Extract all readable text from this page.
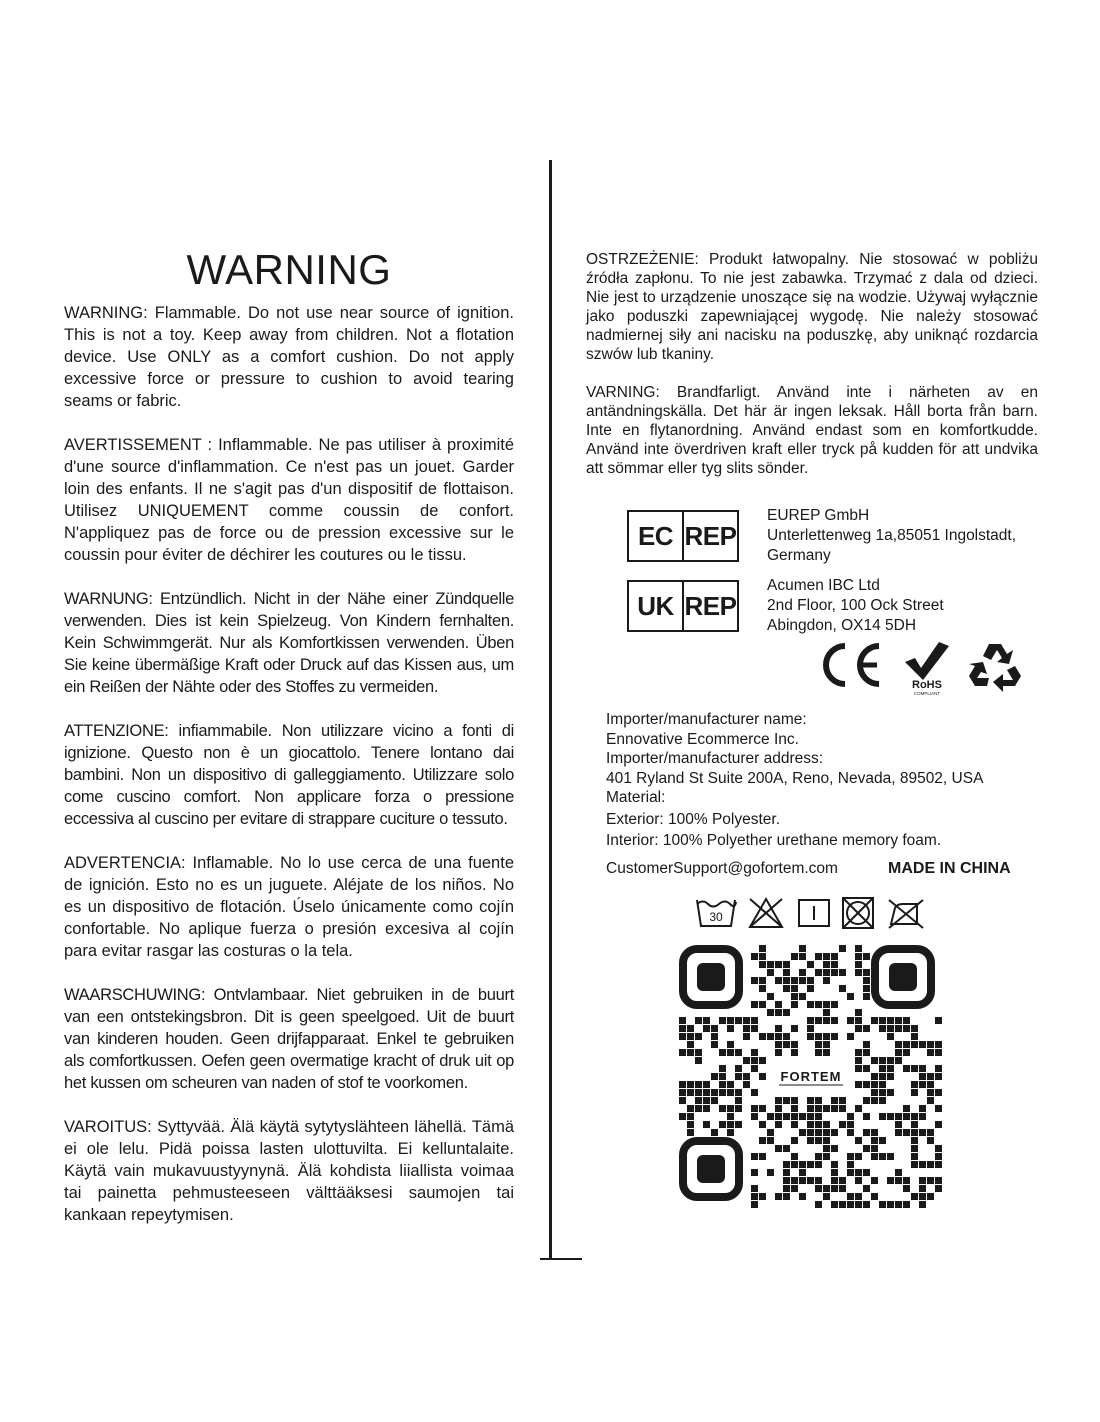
WARNING

WARNING: Flammable. Do not use near source of ignition. This is not a toy. Keep away from children. Not a flotation device. Use ONLY as a comfort cushion. Do not apply excessive force or pressure to cushion to avoid tearing seams or fabric.

AVERTISSEMENT : Inflammable. Ne pas utiliser à proximité d'une source d'inflammation. Ce n'est pas un jouet. Garder loin des enfants. Il ne s'agit pas d'un dispositif de flottaison. Utilisez UNIQUEMENT comme coussin de confort. N'appliquez pas de force ou de pression excessive sur le coussin pour éviter de déchirer les coutures ou le tissu.

WARNUNG: Entzündlich. Nicht in der Nähe einer Zündquelle verwenden. Dies ist kein Spielzeug. Von Kindern fernhalten. Kein Schwimmgerät. Nur als Komfortkissen verwenden. Üben Sie keine übermäßige Kraft oder Druck auf das Kissen aus, um ein Reißen der Nähte oder des Stoffes zu vermeiden.

ATTENZIONE: infiammabile. Non utilizzare vicino a fonti di ignizione. Questo non è un giocattolo. Tenere lontano dai bambini. Non un dispositivo di galleggiamento. Utilizzare solo come cuscino comfort. Non applicare forza o pressione eccessiva al cuscino per evitare di strappare cuciture o tessuto.

ADVERTENCIA: Inflamable. No lo use cerca de una fuente de ignición. Esto no es un juguete. Aléjate de los niños. No es un dispositivo de flotación. Úselo únicamente como cojín confortable. No aplique fuerza o presión excesiva al cojín para evitar rasgar las costuras o la tela.

WAARSCHUWING: Ontvlambaar. Niet gebruiken in de buurt van een ontstekingsbron. Dit is geen speelgoed. Uit de buurt van kinderen houden. Geen drijfapparaat. Enkel te gebruiken als comfortkussen. Oefen geen overmatige kracht of druk uit op het kussen om scheuren van naden of stof te voorkomen.

VAROITUS: Syttyvää. Älä käytä sytytyslähteen lähellä. Tämä ei ole lelu. Pidä poissa lasten ulottuvilta. Ei kelluntalaite. Käytä vain mukavuustyynynä. Älä kohdista liiallista voimaa tai painetta pehmusteeseen välttääksesi saumojen tai kankaan repeytymisen.

OSTRZEŻENIE: Produkt łatwopalny. Nie stosować w pobliżu źródła zapłonu. To nie jest zabawka. Trzymać z dala od dzieci. Nie jest to urządzenie unoszące się na wodzie. Używaj wyłącznie jako poduszki zapewniającej wygodę. Nie należy stosować nadmiernej siły ani nacisku na poduszkę, aby uniknąć rozdarcia szwów lub tkaniny.

VARNING: Brandfarligt. Använd inte i närheten av en antändningskälla. Det här är ingen leksak. Håll borta från barn. Inte en flytanordning. Använd endast som en komfortkudde. Använd inte överdriven kraft eller tryck på kudden för att undvika att sömmar eller tyg slits sönder.

EC REP
EUREP GmbH
Unterlettenweg 1a,85051 Ingolstadt,
Germany
UK REP
Acumen IBC Ltd
2nd Floor, 100 Ock Street
Abingdon, OX14 5DH
RoHS
COMPLIANT
Importer/manufacturer name:
Ennovative Ecommerce Inc.
Importer/manufacturer address:
401 Ryland St Suite 200A, Reno, Nevada, 89502, USA
Material:
Exterior: 100% Polyester.
Interior: 100% Polyether urethane memory foam.
CustomerSupport@gofortem.com	MADE IN CHINA
30
FORTEM
